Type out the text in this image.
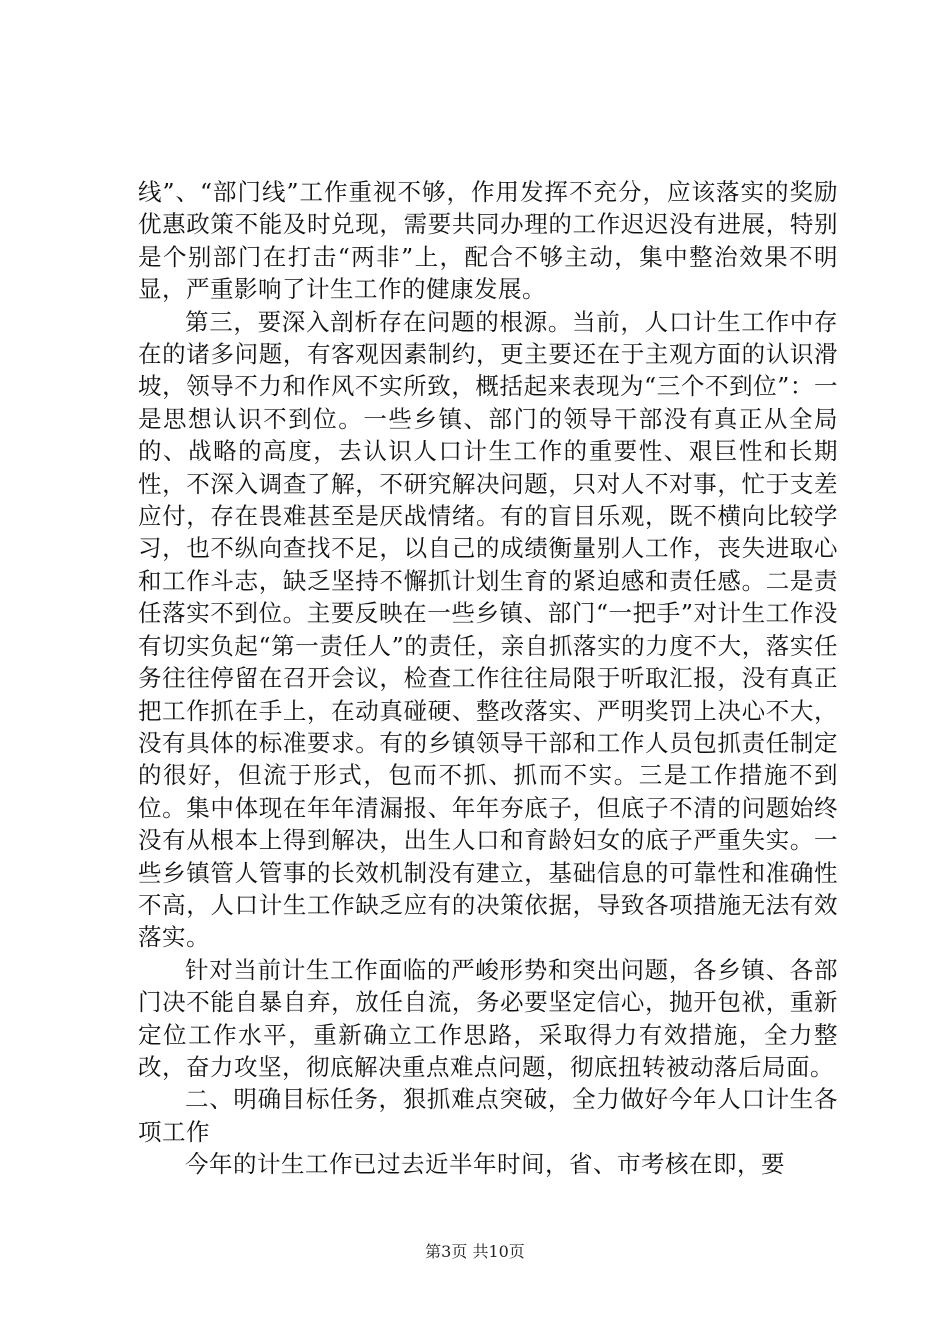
线”、“部门线”工作重视不够，作用发挥不充分，应该落实的奖励优惠政策不能及时兑现，需要共同办理的工作迟迟没有进展，特别是个别部门在打击“两非”上，配合不够主动，集中整治效果不明显，严重影响了计生工作的健康发展。

第三，要深入剖析存在问题的根源。当前，人口计生工作中存在的诸多问题，有客观因素制约，更主要还在于主观方面的认识滑坡，领导不力和作风不实所致，概括起来表现为“三个不到位”：一是思想认识不到位。一些乡镇、部门的领导干部没有真正从全局的、战略的高度，去认识人口计生工作的重要性、艰巨性和长期性，不深入调查了解，不研究解决问题，只对人不对事，忙于支差应付，存在畏难甚至是厌战情绪。有的盲目乐观，既不横向比较学习，也不纵向查找不足，以自己的成绩衡量别人工作，丧失进取心和工作斗志，缺乏坚持不懈抓计划生育的紧迫感和责任感。二是责任落实不到位。主要反映在一些乡镇、部门“一把手”对计生工作没有切实负起“第一责任人”的责任，亲自抓落实的力度不大，落实任务往往停留在召开会议，检查工作往往局限于听取汇报，没有真正把工作抓在手上，在动真碰硬、整改落实、严明奖罚上决心不大，没有具体的标准要求。有的乡镇领导干部和工作人员包抓责任制定的很好，但流于形式，包而不抓、抓而不实。三是工作措施不到位。集中体现在年年清漏报、年年夯底子，但底子不清的问题始终没有从根本上得到解决，出生人口和育龄妇女的底子严重失实。一些乡镇管人管事的长效机制没有建立，基础信息的可靠性和准确性不高，人口计生工作缺乏应有的决策依据，导致各项措施无法有效落实。

针对当前计生工作面临的严峻形势和突出问题，各乡镇、各部门决不能自暴自弃，放任自流，务必要坚定信心，抛开包袱，重新定位工作水平，重新确立工作思路，采取得力有效措施，全力整改，奋力攻坚，彻底解决重点难点问题，彻底扭转被动落后局面。

二、明确目标任务，狠抓难点突破，全力做好今年人口计生各项工作

今年的计生工作已过去近半年时间，省、市考核在即，要

第3页 共10页
